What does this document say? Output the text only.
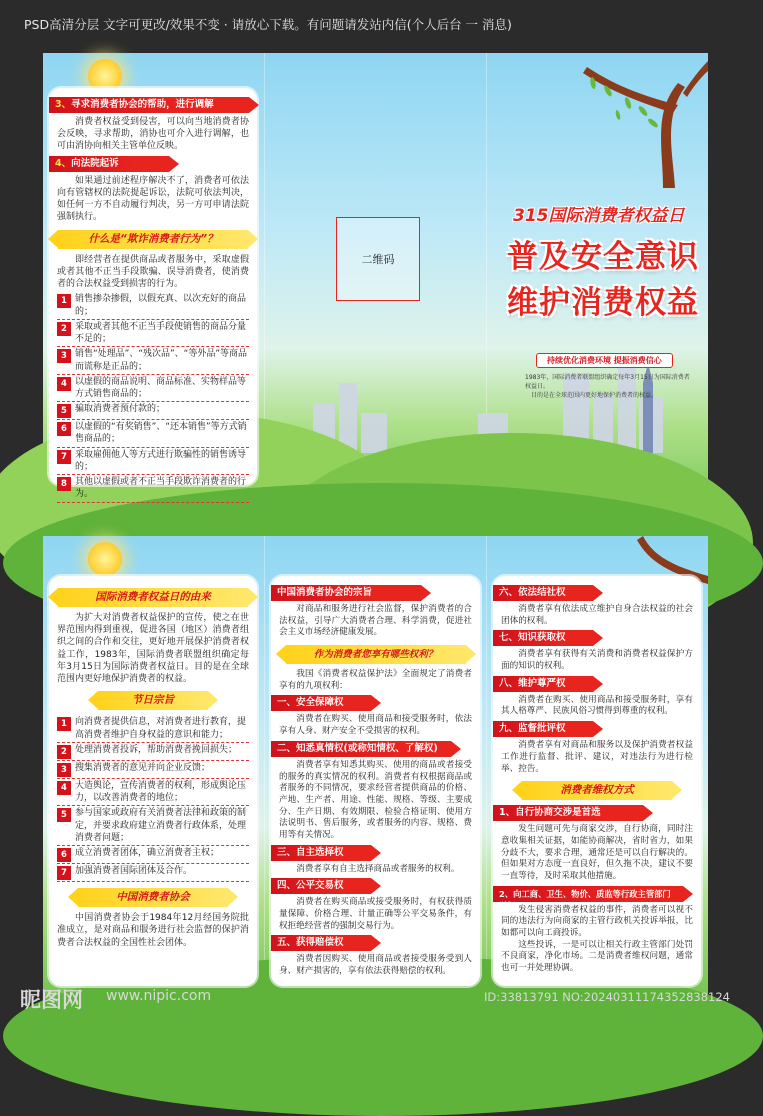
PSD高清分层 文字可更改/效果不变 · 请放心下载。有问题请发站内信(个人后台 一 消息)
二维码
315国际消费者权益日
普及安全意识
维护消费权益
持续优化消费环境 提振消费信心
1983年，国际消费者联盟组织确定每年3月15日为国际消费者权益日。
目的是在全球范围内更好地保护消费者的权益。
3、寻求消费者协会的帮助，进行调解
消费者权益受到侵害，可以向当地消费者协会反映，寻求帮助，消协也可介入进行调解，也可由消协向相关主管单位反映。
4、向法院起诉
如果通过前述程序解决不了，消费者可依法向有管辖权的法院提起诉讼，法院可依法判决，如任何一方不自动履行判决，另一方可申请法院强制执行。
什么是“欺诈消费者行为”？
即经营者在提供商品或者服务中，采取虚假或者其他不正当手段欺骗、误导消费者，使消费者的合法权益受到损害的行为。
1 销售掺杂掺假，以假充真、以次充好的商品的；
2 采取或者其他不正当手段使销售的商品分量不足的；
3 销售“处理品”、“残次品”、“等外品”等商品而谎称是正品的；
4 以虚假的商品说明、商品标准、实物样品等方式销售商品的；
5 骗取消费者预付款的；
6 以虚假的“有奖销售”、“还本销售”等方式销售商品的；
7 采取雇佣他人等方式进行欺骗性的销售诱导的；
8 其他以虚假或者不正当手段欺诈消费者的行为。
国际消费者权益日的由来
为扩大对消费者权益保护的宣传，使之在世界范围内得到重视，促进各国（地区）消费者组织之间的合作和交往，更好地开展保护消费者权益工作，1983年，国际消费者联盟组织确定每年3月15日为国际消费者权益日。目的是在全球范围内更好地保护消费者的权益。
节日宗旨
1 向消费者提供信息，对消费者进行教育，提高消费者维护自身权益的意识和能力；
2 处理消费者投诉，帮助消费者挽回损失；
3 搜集消费者的意见并向企业反馈；
4 大造舆论，宣传消费者的权利，形成舆论压力，以改善消费者的地位；
5 参与国家或政府有关消费者法律和政策的制定，并要求政府建立消费者行政体系，处理消费者问题；
6 成立消费者团体，确立消费者主权；
7 加强消费者国际团体及合作。
中国消费者协会
中国消费者协会于1984年12月经国务院批准成立，是对商品和服务进行社会监督的保护消费者合法权益的全国性社会团体。
中国消费者协会的宗旨
对商品和服务进行社会监督，保护消费者的合法权益，引导广大消费者合理、科学消费，促进社会主义市场经济健康发展。
作为消费者您享有哪些权利？
我国《消费者权益保护法》全面规定了消费者享有的九项权利：
一、安全保障权
消费者在购买、使用商品和接受服务时，依法享有人身、财产安全不受损害的权利。
二、知悉真情权(或称知情权、了解权)
消费者享有知悉其购买、使用的商品或者接受的服务的真实情况的权利。消费者有权根据商品或者服务的不同情况，要求经营者提供商品的价格、产地、生产者、用途、性能、规格、等级、主要成分、生产日期、有效期限、检验合格证明、使用方法说明书、售后服务，或者服务的内容、规格、费用等有关情况。
三、自主选择权
消费者享有自主选择商品或者服务的权利。
四、公平交易权
消费者在购买商品或接受服务时，有权获得质量保障、价格合理、计量正确等公平交易条件，有权拒绝经营者的强制交易行为。
五、获得赔偿权
消费者因购买、使用商品或者接受服务受到人身、财产损害的，享有依法获得赔偿的权利。
六、依法结社权
消费者享有依法成立维护自身合法权益的社会团体的权利。
七、知识获取权
消费者享有获得有关消费和消费者权益保护方面的知识的权利。
八、维护尊严权
消费者在购买、使用商品和接受服务时，享有其人格尊严、民族风俗习惯得到尊重的权利。
九、监督批评权
消费者享有对商品和服务以及保护消费者权益工作进行监督、批评、建议，对违法行为进行检举、控告。
消费者维权方式
1、自行协商交涉是首选
发生问题可先与商家交涉，自行协商，同时注意收集相关证据，如能协商解决，省时省力，如果分歧不大，要求合理，通常还是可以自行解决的。但如果对方态度一直良好，但久拖不决，建议不要一直等待，及时采取其他措施。
2、向工商、卫生、物价、质监等行政主管部门举报 发生侵害消费者权益的事件，消费者可以视不同的违法行为向商家的主管行政机关投诉举报，比如都可以向工商投诉。
这些投诉，一是可以让相关行政主管部门处罚不良商家，净化市场。二是消费者维权问题，通常也可一并处理协调。
昵图网 www.nipic.com	ID:33813791 NO:20240311174352838124
